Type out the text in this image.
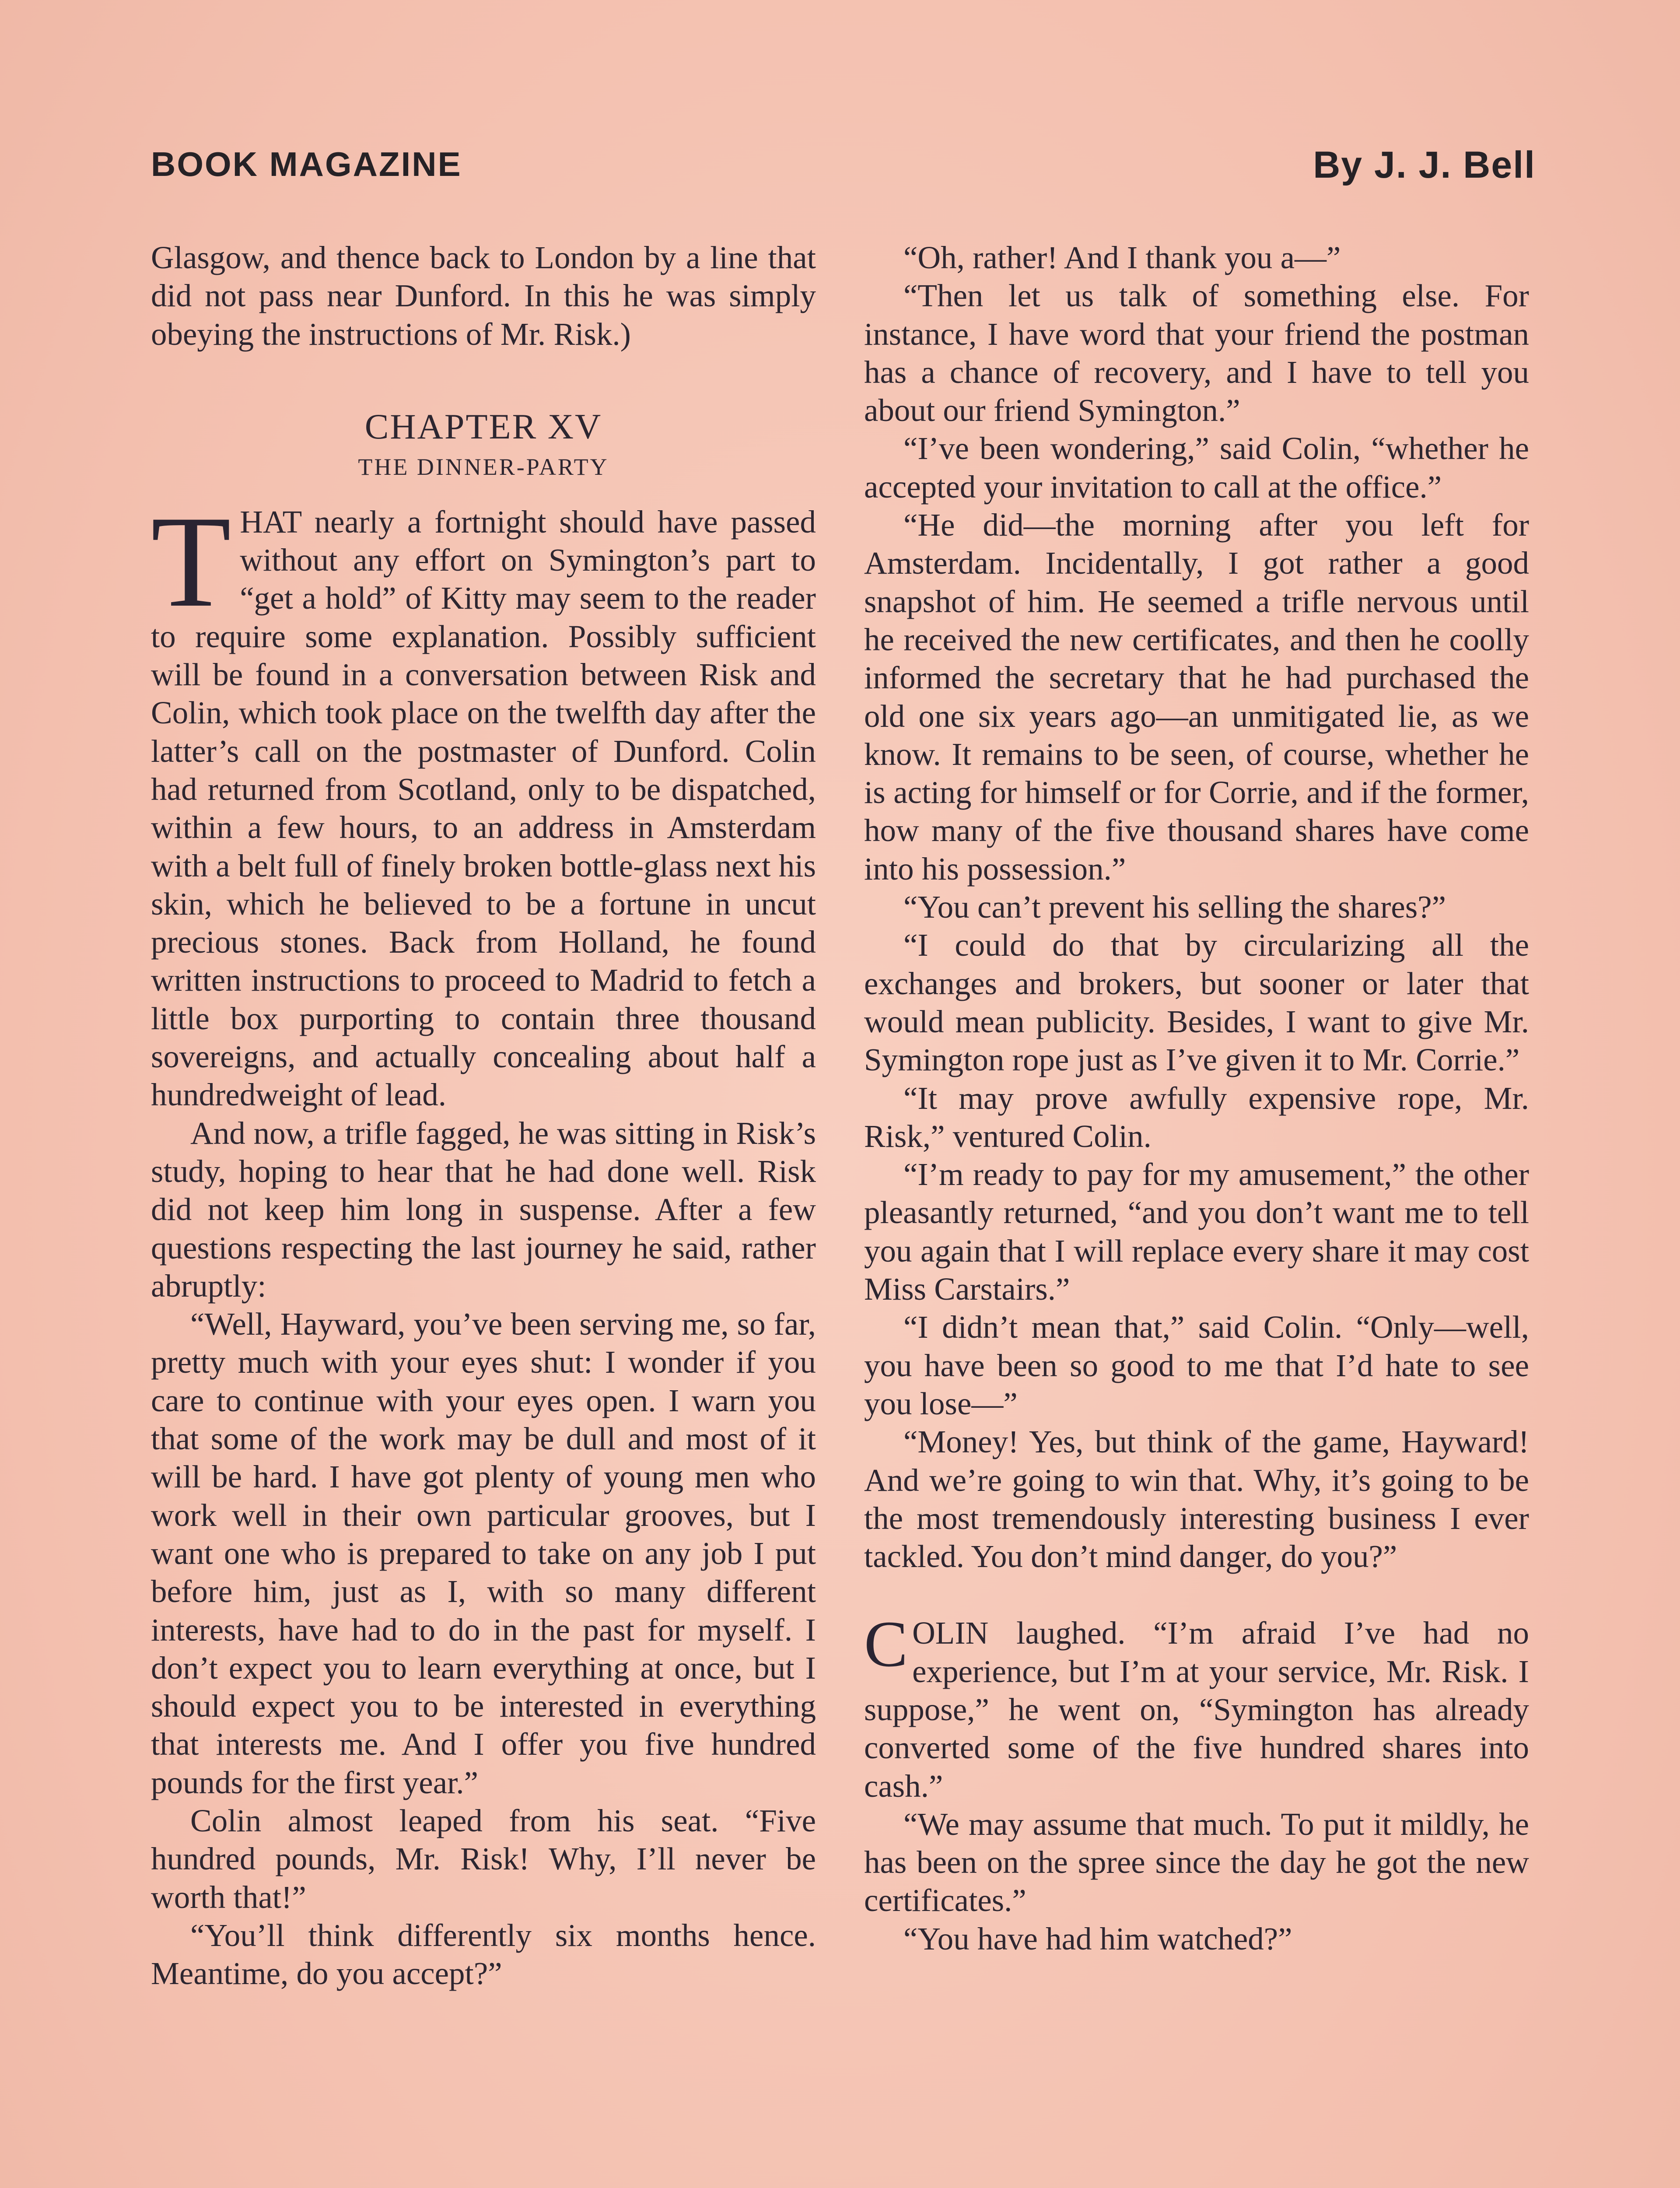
BOOK MAGAZINE	By J. J. Bell

Glasgow, and thence back to London by a line that did not pass near Dunford. In this he was simply obeying the instructions of Mr. Risk.)

CHAPTER XV

THE DINNER-PARTY

THAT nearly a fortnight should have passed without any effort on Symington’s part to “get a hold” of Kitty may seem to the reader to require some explanation. Possibly sufficient will be found in a conversation between Risk and Colin, which took place on the twelfth day after the latter’s call on the postmaster of Dunford. Colin had returned from Scotland, only to be dispatched, within a few hours, to an address in Amsterdam with a belt full of finely broken bottle-glass next his skin, which he believed to be a fortune in uncut precious stones. Back from Holland, he found written instructions to proceed to Madrid to fetch a little box purporting to contain three thousand sovereigns, and actually concealing about half a hundredweight of lead.

And now, a trifle fagged, he was sitting in Risk’s study, hoping to hear that he had done well. Risk did not keep him long in suspense. After a few questions respecting the last journey he said, rather abruptly:

“Well, Hayward, you’ve been serving me, so far, pretty much with your eyes shut: I wonder if you care to continue with your eyes open. I warn you that some of the work may be dull and most of it will be hard. I have got plenty of young men who work well in their own particular grooves, but I want one who is prepared to take on any job I put before him, just as I, with so many different interests, have had to do in the past for myself. I don’t expect you to learn everything at once, but I should expect you to be interested in everything that interests me. And I offer you five hundred pounds for the first year.”

Colin almost leaped from his seat. “Five hundred pounds, Mr. Risk! Why, I’ll never be worth that!”

“You’ll think differently six months hence. Meantime, do you accept?”

“Oh, rather! And I thank you a—”

“Then let us talk of something else. For instance, I have word that your friend the postman has a chance of recovery, and I have to tell you about our friend Symington.”

“I’ve been wondering,” said Colin, “whether he accepted your invitation to call at the office.”

“He did—the morning after you left for Amsterdam. Incidentally, I got rather a good snapshot of him. He seemed a trifle nervous until he received the new certificates, and then he coolly informed the secretary that he had purchased the old one six years ago—an unmitigated lie, as we know. It remains to be seen, of course, whether he is acting for himself or for Corrie, and if the former, how many of the five thousand shares have come into his possession.”

“You can’t prevent his selling the shares?”

“I could do that by circularizing all the exchanges and brokers, but sooner or later that would mean publicity. Besides, I want to give Mr. Symington rope just as I’ve given it to Mr. Corrie.”

“It may prove awfully expensive rope, Mr. Risk,” ventured Colin.

“I’m ready to pay for my amusement,” the other pleasantly returned, “and you don’t want me to tell you again that I will replace every share it may cost Miss Carstairs.”

“I didn’t mean that,” said Colin. “Only—well, you have been so good to me that I’d hate to see you lose—”

“Money! Yes, but think of the game, Hayward! And we’re going to win that. Why, it’s going to be the most tremendously interesting business I ever tackled. You don’t mind danger, do you?”

COLIN laughed. “I’m afraid I’ve had no experience, but I’m at your service, Mr. Risk. I suppose,” he went on, “Symington has already converted some of the five hundred shares into cash.”

“We may assume that much. To put it mildly, he has been on the spree since the day he got the new certificates.”

“You have had him watched?”
